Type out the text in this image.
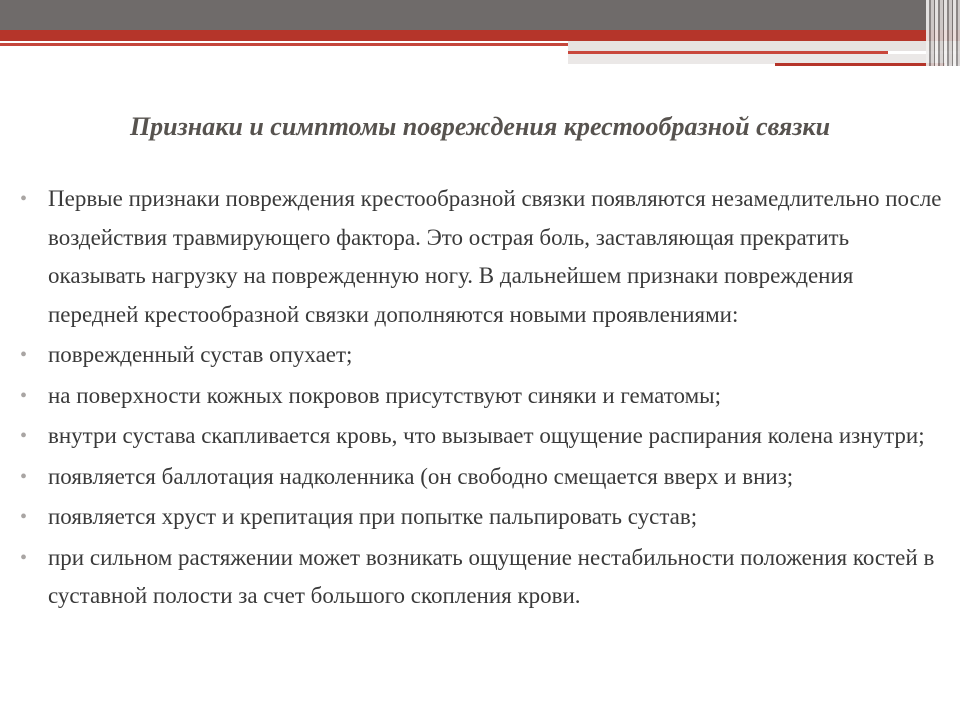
Признаки и симптомы повреждения крестообразной связки
• Первые признаки повреждения крестообразной связки появляются незамедлительно после воздействия травмирующего фактора. Это острая боль, заставляющая прекратить оказывать нагрузку на поврежденную ногу. В дальнейшем признаки повреждения передней крестообразной связки дополняются новыми проявлениями:
• поврежденный сустав опухает;
• на поверхности кожных покровов присутствуют синяки и гематомы;
• внутри сустава скапливается кровь, что вызывает ощущение распирания колена изнутри;
• появляется баллотация надколенника (он свободно смещается вверх и вниз;
• появляется хруст и крепитация при попытке пальпировать сустав;
• при сильном растяжении может возникать ощущение нестабильности положения костей в суставной полости за счет большого скопления крови.
